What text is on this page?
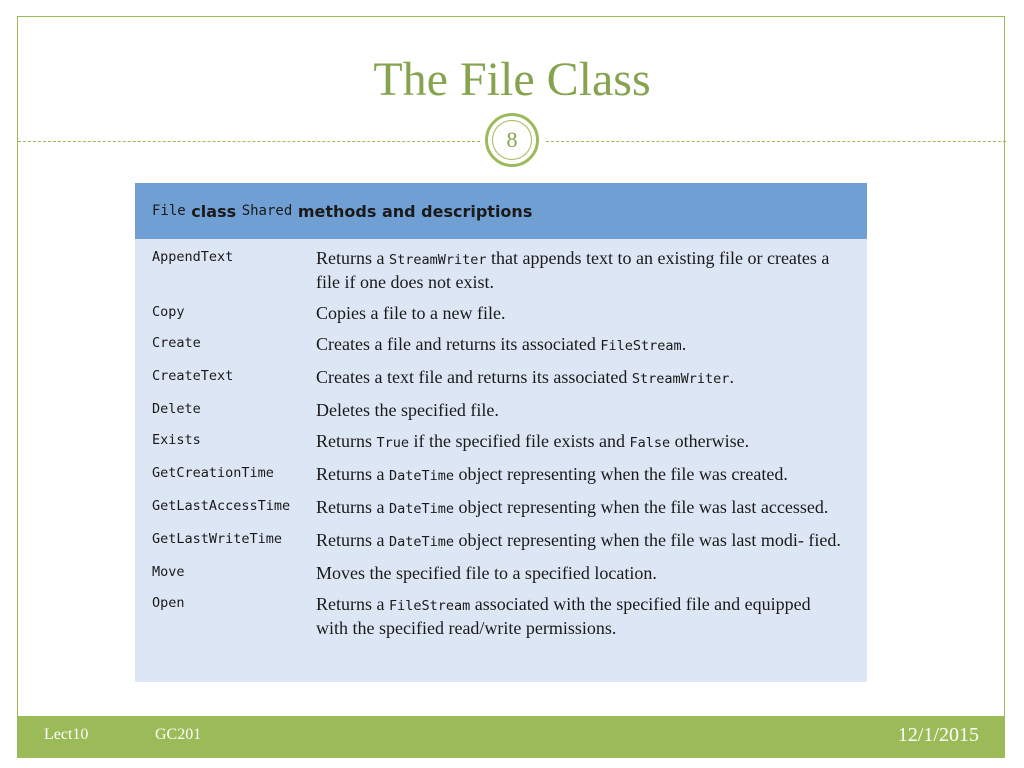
The File Class
8
File
class
Shared
methods and descriptions
AppendText	Returns a StreamWriter that appends text to an existing file or creates a file if one does not exist.
Copy	Copies a file to a new file.
Create	Creates a file and returns its associated FileStream.
CreateText	Creates a text file and returns its associated StreamWriter.
Delete	Deletes the specified file.
Exists	Returns True if the specified file exists and False otherwise.
GetCreationTime	Returns a DateTime object representing when the file was created.
GetLastAccessTime	Returns a DateTime object representing when the file was last accessed.
GetLastWriteTime	Returns a DateTime object representing when the file was last modi- fied.
Move	Moves the specified file to a specified location.
Open	Returns a FileStream associated with the specified file and equipped with the specified read/write permissions.
Lect10	GC201	12/1/2015
